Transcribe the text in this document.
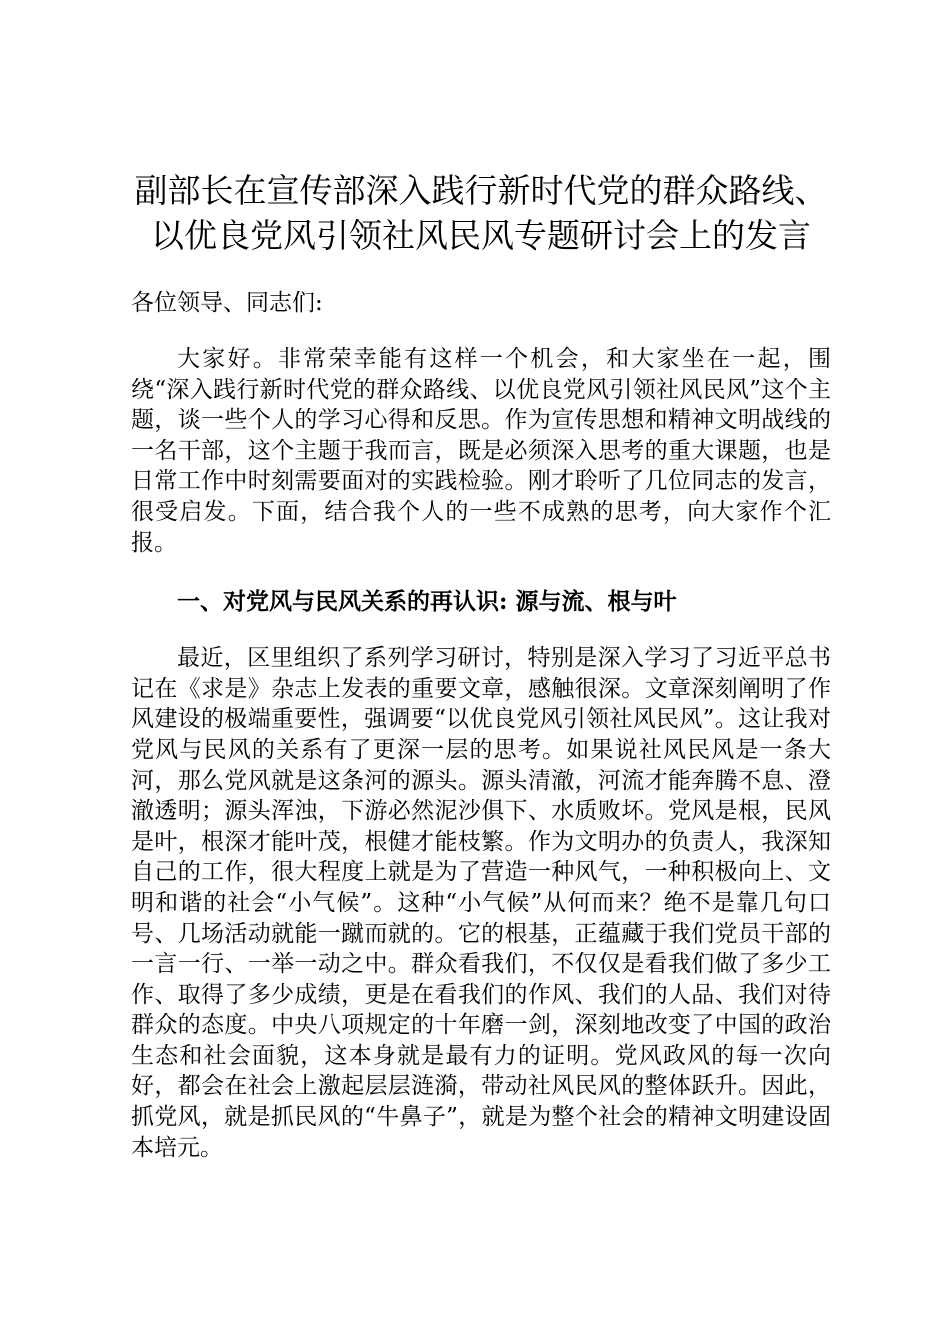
副部长在宣传部深入践行新时代党的群众路线、以优良党风引领社风民风专题研讨会上的发言

各位领导、同志们:

大家好。非常荣幸能有这样一个机会，和大家坐在一起，围绕“深入践行新时代党的群众路线、以优良党风引领社风民风”这个主题，谈一些个人的学习心得和反思。作为宣传思想和精神文明战线的一名干部，这个主题于我而言，既是必须深入思考的重大课题，也是日常工作中时刻需要面对的实践检验。刚才聆听了几位同志的发言，很受启发。下面，结合我个人的一些不成熟的思考，向大家作个汇报。

一、对党风与民风关系的再认识: 源与流、根与叶

最近，区里组织了系列学习研讨，特别是深入学习了习近平总书记在《求是》杂志上发表的重要文章，感触很深。文章深刻阐明了作风建设的极端重要性，强调要“以优良党风引领社风民风”。这让我对党风与民风的关系有了更深一层的思考。如果说社风民风是一条大河，那么党风就是这条河的源头。源头清澈，河流才能奔腾不息、澄澈透明；源头浑浊，下游必然泥沙俱下、水质败坏。党风是根，民风是叶，根深才能叶茂，根健才能枝繁。作为文明办的负责人，我深知自己的工作，很大程度上就是为了营造一种风气，一种积极向上、文明和谐的社会“小气候”。这种“小气候”从何而来？绝不是靠几句口号、几场活动就能一蹴而就的。它的根基，正蕴藏于我们党员干部的一言一行、一举一动之中。群众看我们，不仅仅是看我们做了多少工作、取得了多少成绩，更是在看我们的作风、我们的人品、我们对待群众的态度。中央八项规定的十年磨一剑，深刻地改变了中国的政治生态和社会面貌，这本身就是最有力的证明。党风政风的每一次向好，都会在社会上激起层层涟漪，带动社风民风的整体跃升。因此，抓党风，就是抓民风的“牛鼻子”，就是为整个社会的精神文明建设固本培元。
